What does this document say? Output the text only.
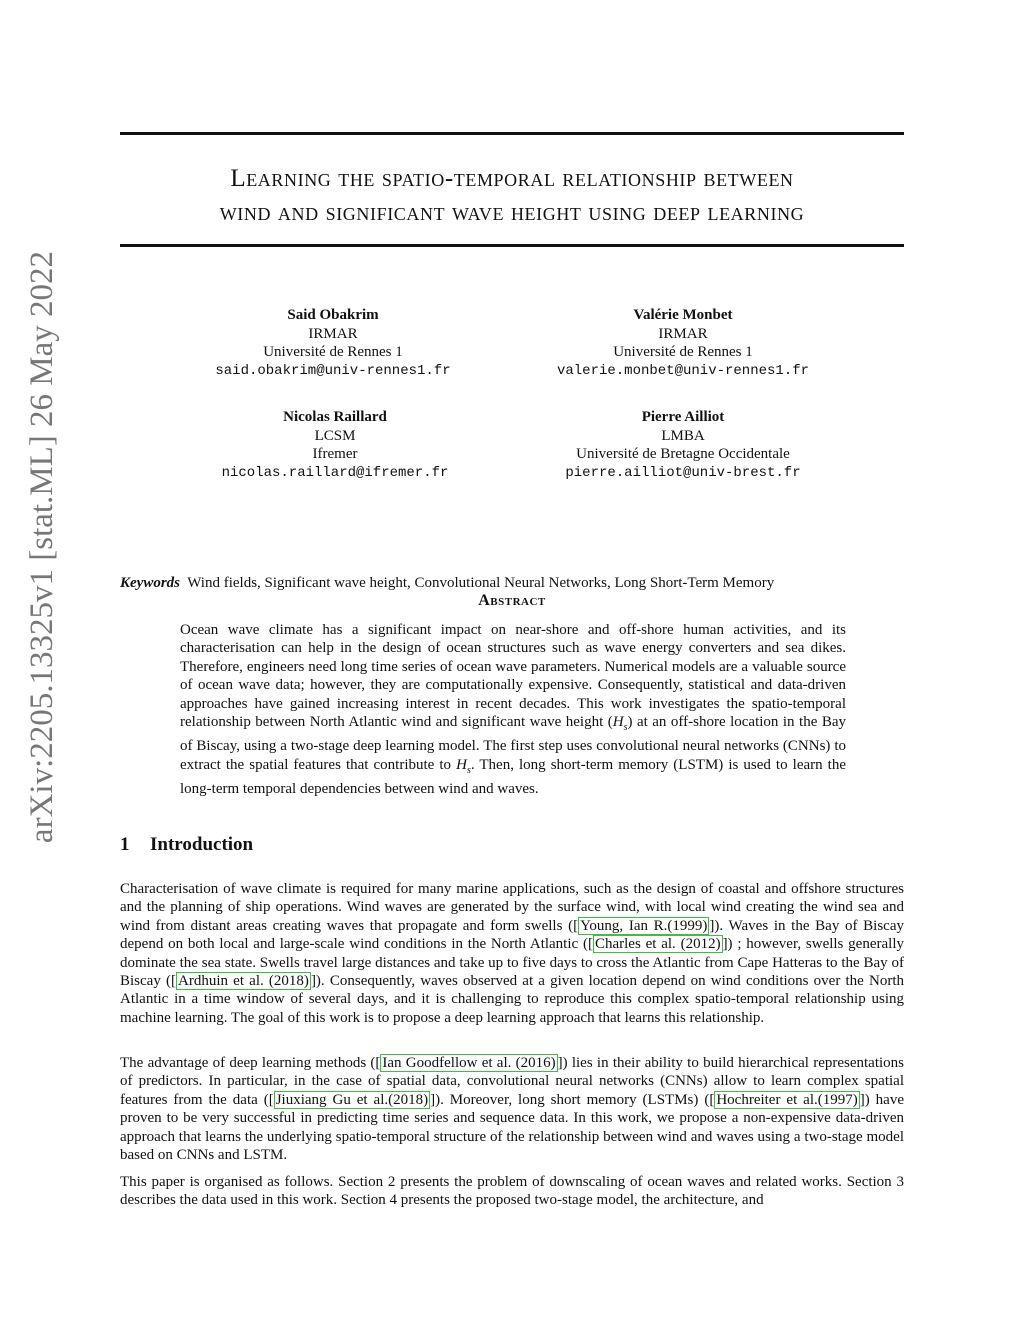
arXiv:2205.13325v1 [stat.ML] 26 May 2022
Learning the spatio-temporal relationship between
wind and significant wave height using deep learning
Said Obakrim
IRMAR
Université de Rennes 1
said.obakrim@univ-rennes1.fr
Valérie Monbet
IRMAR
Université de Rennes 1
valerie.monbet@univ-rennes1.fr
Nicolas Raillard
LCSM
Ifremer
nicolas.raillard@ifremer.fr
Pierre Ailliot
LMBA
Université de Bretagne Occidentale
pierre.ailliot@univ-brest.fr
Keywords Wind fields, Significant wave height, Convolutional Neural Networks, Long Short-Term Memory
Abstract
Ocean wave climate has a significant impact on near-shore and off-shore human activities, and its characterisation can help in the design of ocean structures such as wave energy converters and sea dikes. Therefore, engineers need long time series of ocean wave parameters. Numerical models are a valuable source of ocean wave data; however, they are computationally expensive. Consequently, statistical and data-driven approaches have gained increasing interest in recent decades. This work investigates the spatio-temporal relationship between North Atlantic wind and significant wave height $(H_s)$ at an off-shore location in the Bay of Biscay, using a two-stage deep learning model. The first step uses convolutional neural networks (CNNs) to extract the spatial features that contribute to $H_s$. Then, long short-term memory (LSTM) is used to learn the long-term temporal dependencies between wind and waves.
1 Introduction

Characterisation of wave climate is required for many marine applications, such as the design of coastal and offshore structures and the planning of ship operations. Wind waves are generated by the surface wind, with local wind creating the wind sea and wind from distant areas creating waves that propagate and form swells ([ Young, Ian R.(1999) ]). Waves in the Bay of Biscay depend on both local and large-scale wind conditions in the North Atlantic ([ Charles et al. (2012) ]) ; however, swells generally dominate the sea state. Swells travel large distances and take up to five days to cross the Atlantic from Cape Hatteras to the Bay of Biscay ([ Ardhuin et al. (2018) ]). Consequently, waves observed at a given location depend on wind conditions over the North Atlantic in a time window of several days, and it is challenging to reproduce this complex spatio-temporal relationship using machine learning. The goal of this work is to propose a deep learning approach that learns this relationship.

The advantage of deep learning methods ([ Ian Goodfellow et al. (2016) ]) lies in their ability to build hierarchical representations of predictors. In particular, in the case of spatial data, convolutional neural networks (CNNs) allow to learn complex spatial features from the data ([ Jiuxiang Gu et al.(2018) ]). Moreover, long short memory (LSTMs) ([ Hochreiter et al.(1997) ]) have proven to be very successful in predicting time series and sequence data. In this work, we propose a non-expensive data-driven approach that learns the underlying spatio-temporal structure of the relationship between wind and waves using a two-stage model based on CNNs and LSTM.

This paper is organised as follows. Section 2 presents the problem of downscaling of ocean waves and related works. Section 3 describes the data used in this work. Section 4 presents the proposed two-stage model, the architecture, and
